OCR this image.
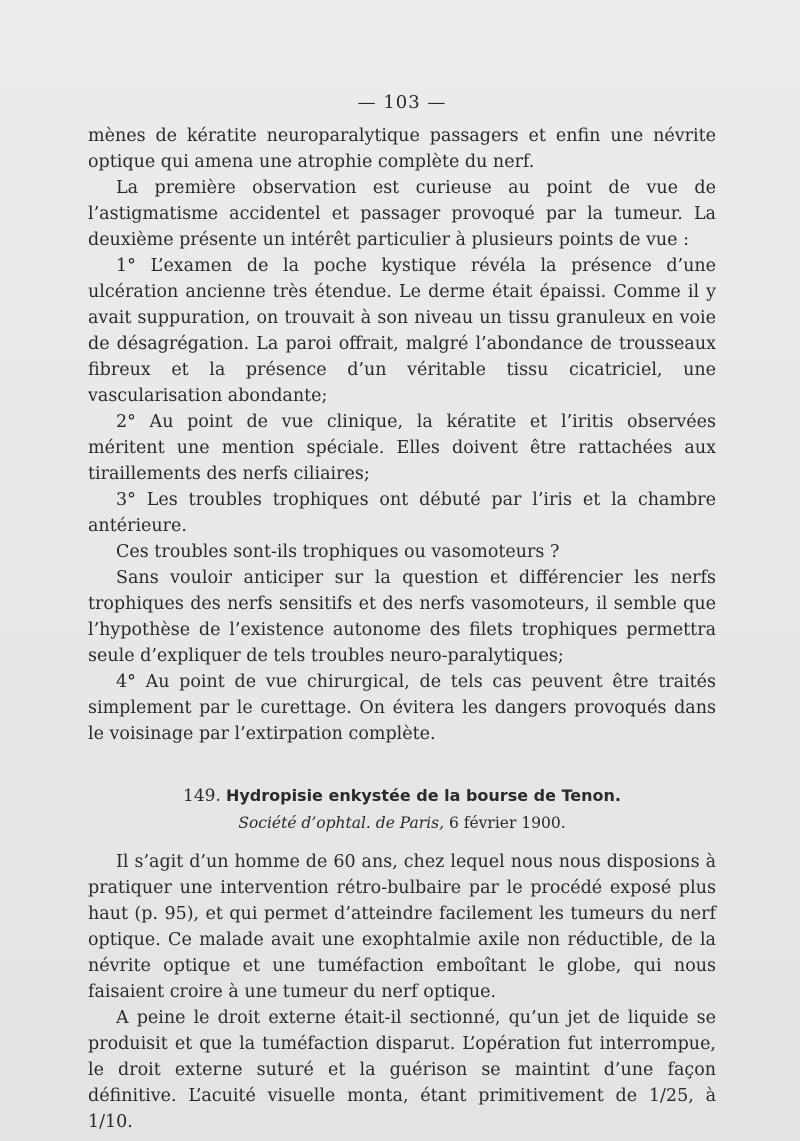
— 103 —

mènes de kératite neuroparalytique passagers et enfin une névrite optique qui amena une atrophie complète du nerf.

La première observation est curieuse au point de vue de l’astigmatisme accidentel et passager provoqué par la tumeur. La deuxième présente un intérêt particulier à plusieurs points de vue :

1° L’examen de la poche kystique révéla la présence d’une ulcération ancienne très étendue. Le derme était épaissi. Comme il y avait suppuration, on trouvait à son niveau un tissu granuleux en voie de désagrégation. La paroi offrait, malgré l’abondance de trousseaux fibreux et la présence d’un véritable tissu cicatriciel, une vascularisation abondante;

2° Au point de vue clinique, la kératite et l’iritis observées méritent une mention spéciale. Elles doivent être rattachées aux tiraillements des nerfs ciliaires;

3° Les troubles trophiques ont débuté par l’iris et la chambre antérieure.

Ces troubles sont-ils trophiques ou vasomoteurs ?

Sans vouloir anticiper sur la question et différencier les nerfs trophiques des nerfs sensitifs et des nerfs vasomoteurs, il semble que l’hypothèse de l’existence autonome des filets trophiques permettra seule d’expliquer de tels troubles neuro-paralytiques;

4° Au point de vue chirurgical, de tels cas peuvent être traités simplement par le curettage. On évitera les dangers provoqués dans le voisinage par l’extirpation complète.

149. Hydropisie enkystée de la bourse de Tenon.
Société d’ophtal. de Paris, 6 février 1900.

Il s’agit d’un homme de 60 ans, chez lequel nous nous disposions à pratiquer une intervention rétro-bulbaire par le procédé exposé plus haut (p. 95), et qui permet d’atteindre facilement les tumeurs du nerf optique. Ce malade avait une exophtalmie axile non réductible, de la névrite optique et une tuméfaction emboîtant le globe, qui nous faisaient croire à une tumeur du nerf optique.

A peine le droit externe était-il sectionné, qu’un jet de liquide se produisit et que la tuméfaction disparut. L’opération fut interrompue, le droit externe suturé et la guérison se maintint d’une façon définitive. L’acuité visuelle monta, étant primitivement de 1/25, à 1/10.
